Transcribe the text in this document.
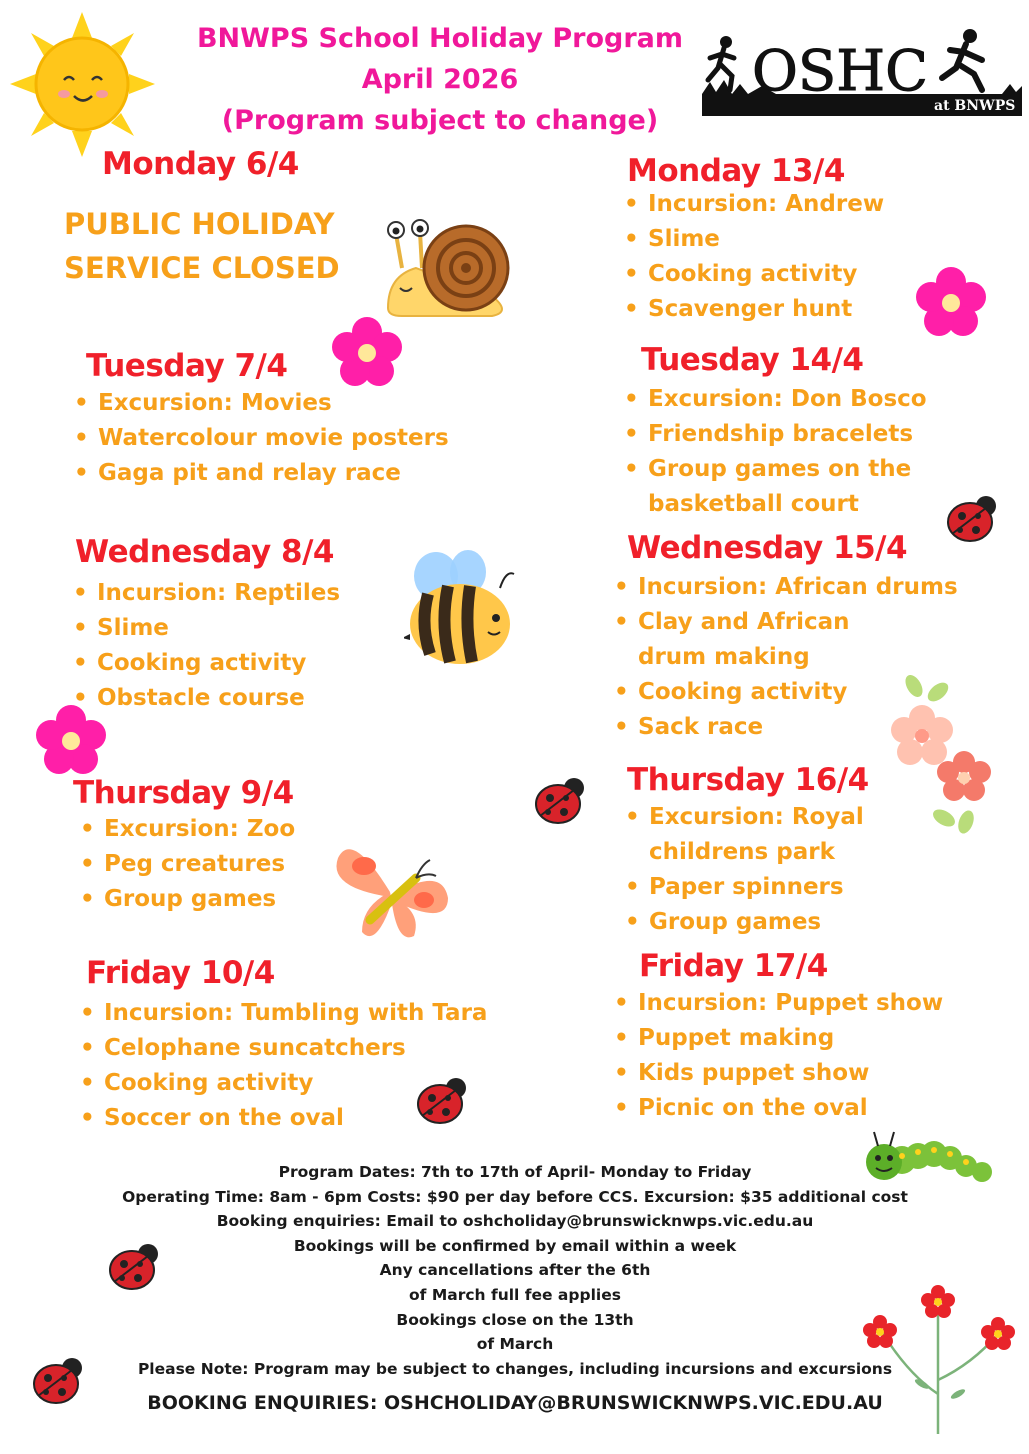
BNWPS School Holiday Program
April 2026
(Program subject to change)
OSHC
at BNWPS
Monday 6/4
PUBLIC HOLIDAY
SERVICE CLOSED
Tuesday 7/4
• Excursion: Movies
• Watercolour movie posters
• Gaga pit and relay race
Wednesday 8/4
• Incursion: Reptiles
• Slime
• Cooking activity
• Obstacle course
Thursday 9/4
• Excursion: Zoo
• Peg creatures
• Group games
Friday 10/4
• Incursion: Tumbling with Tara
• Celophane suncatchers
• Cooking activity
• Soccer on the oval
Monday 13/4
• Incursion: Andrew
• Slime
• Cooking activity
• Scavenger hunt
Tuesday 14/4
• Excursion: Don Bosco
• Friendship bracelets
• Group games on the basketball court
Wednesday 15/4
• Incursion: African drums
• Clay and African drum making
• Cooking activity
• Sack race
Thursday 16/4
• Excursion: Royal childrens park
• Paper spinners
• Group games
Friday 17/4
• Incursion: Puppet show
• Puppet making
• Kids puppet show
• Picnic on the oval
Program Dates: 7th to 17th of April- Monday to Friday
Operating Time: 8am - 6pm Costs: $90 per day before CCS. Excursion: $35 additional cost
Booking enquiries: Email to oshcholiday@brunswicknwps.vic.edu.au
Bookings will be confirmed by email within a week
Any cancellations after the 6th
of March full fee applies
Bookings close on the 13th
of March
Please Note: Program may be subject to changes, including incursions and excursions
BOOKING ENQUIRIES: OSHCHOLIDAY@BRUNSWICKNWPS.VIC.EDU.AU
